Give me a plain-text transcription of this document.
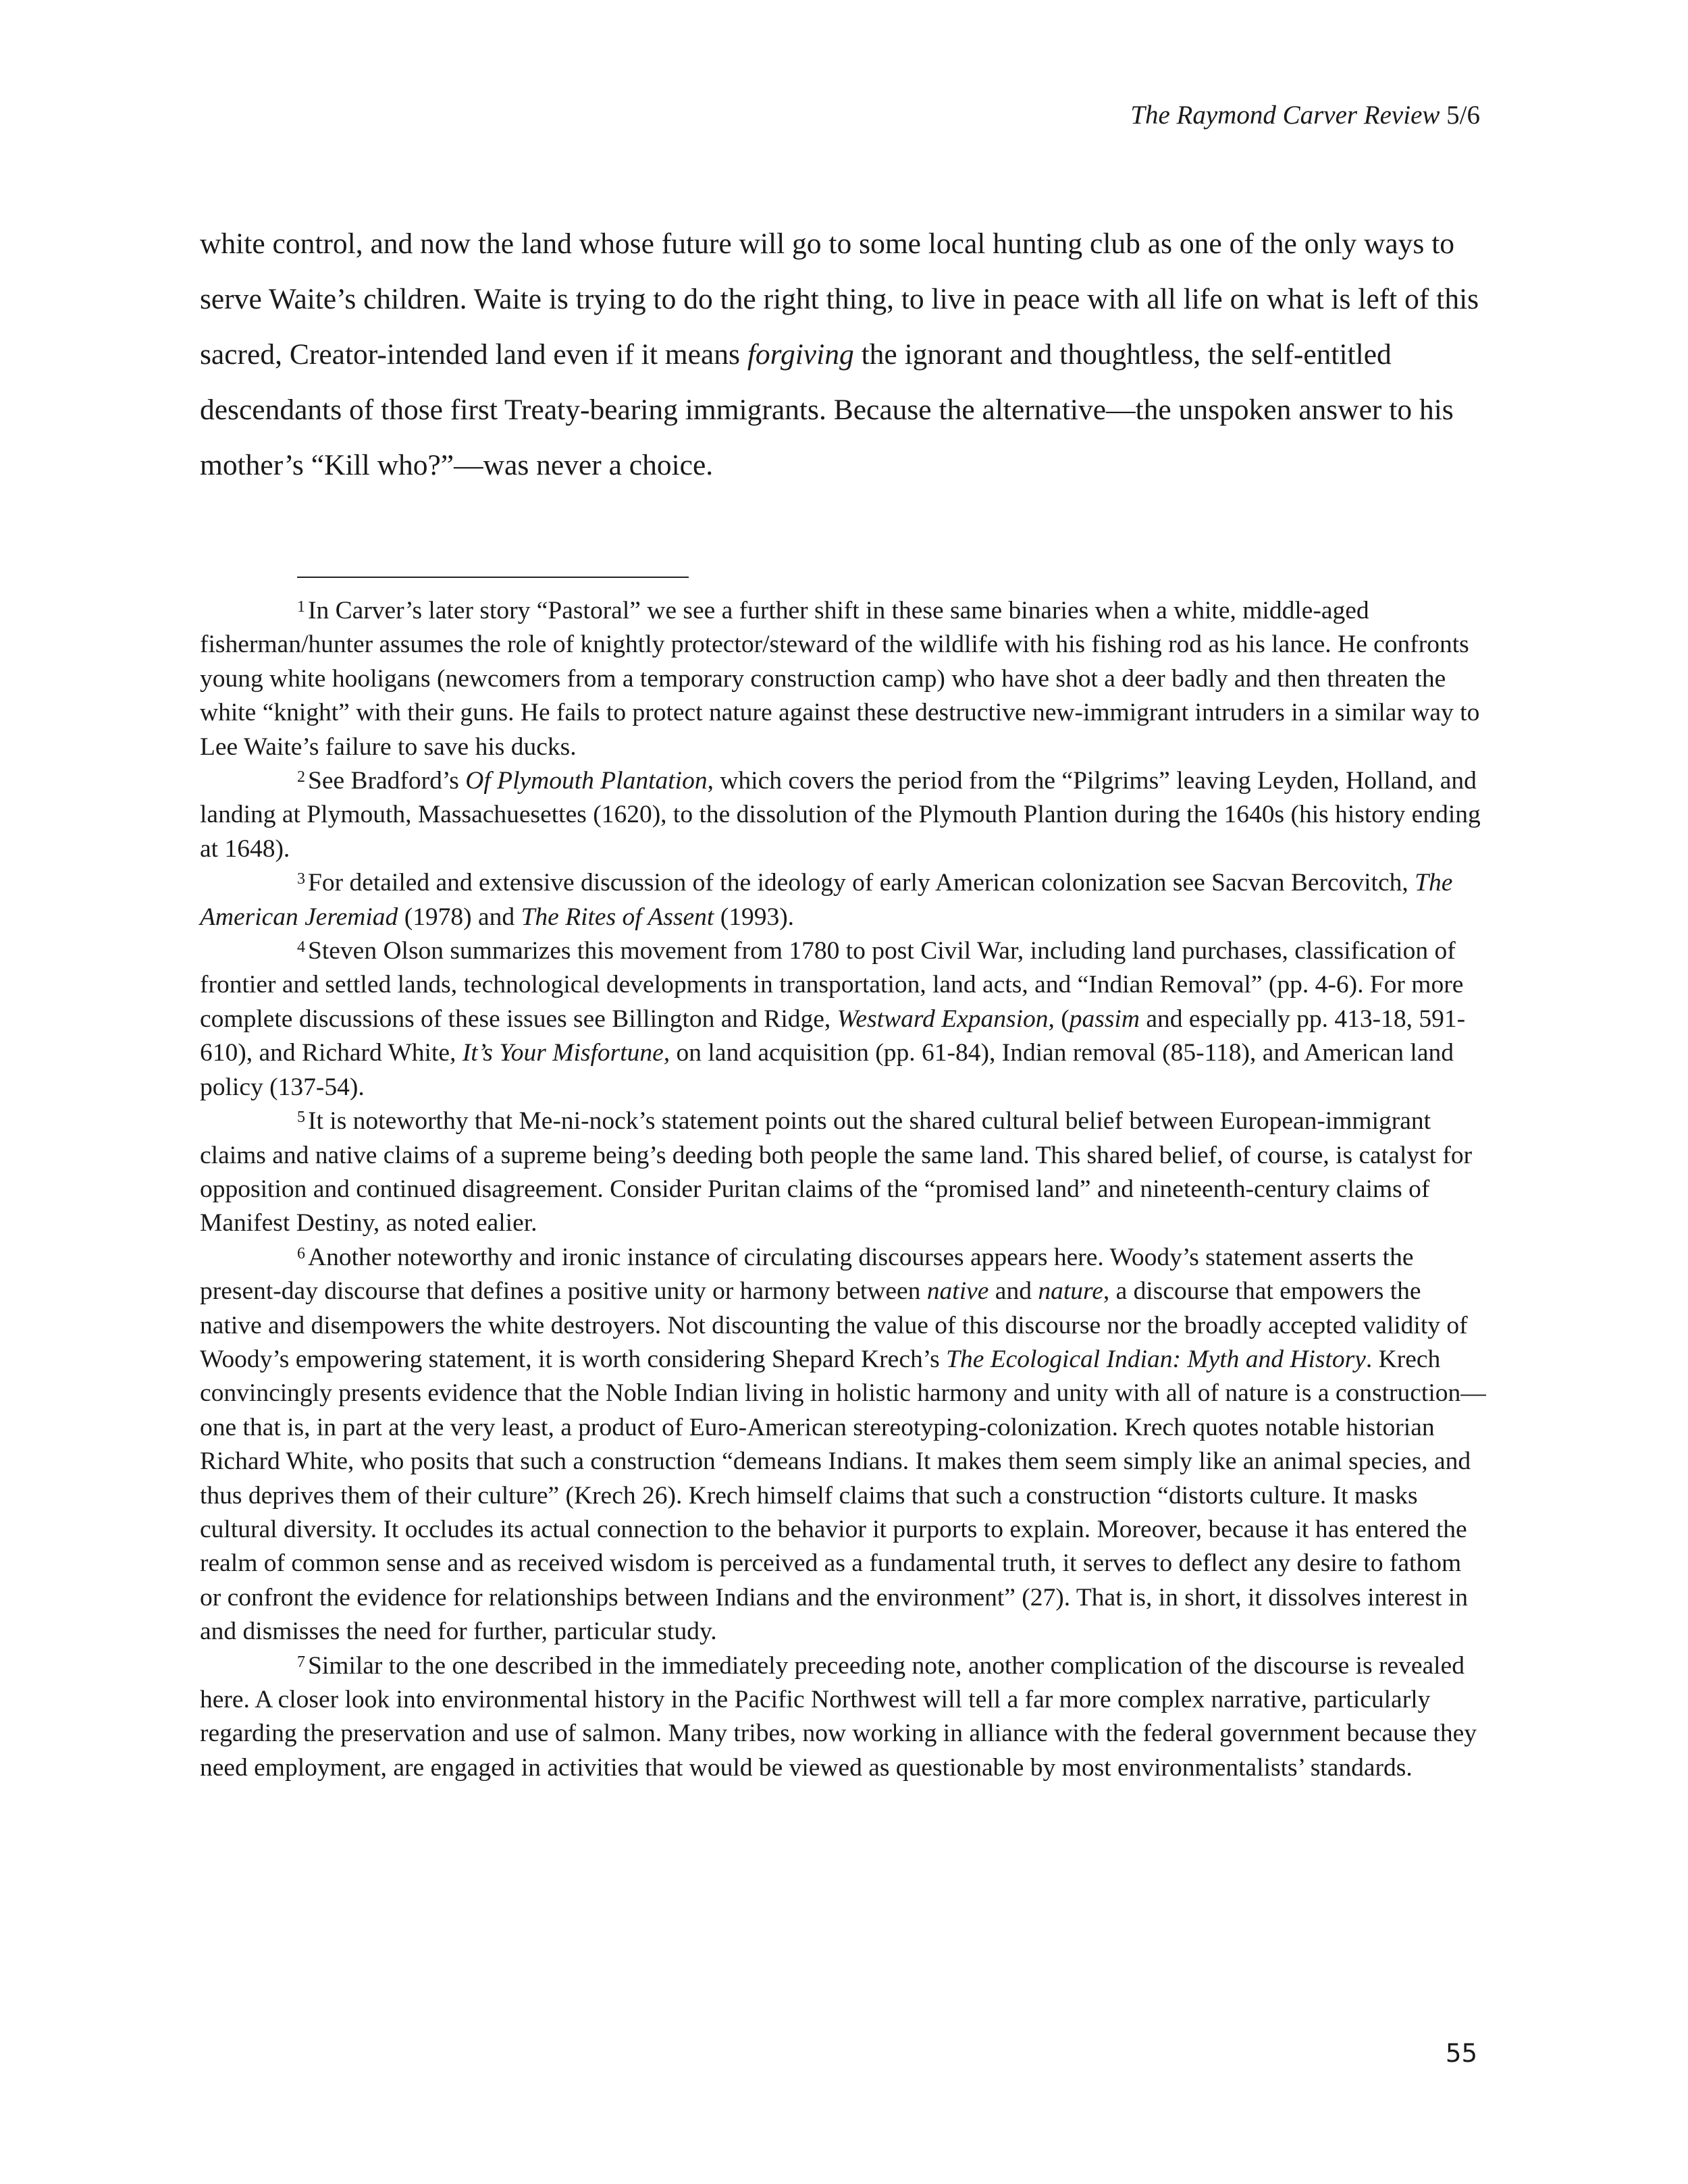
The Raymond Carver Review 5/6

white control, and now the land whose future will go to some local hunting club as one of the only ways to serve Waite’s children. Waite is trying to do the right thing, to live in peace with all life on what is left of this sacred, Creator-intended land even if it means forgiving the ignorant and thoughtless, the self-entitled descendants of those first Treaty-bearing immigrants. Because the alternative—the unspoken answer to his mother’s “Kill who?”—was never a choice.

$^1$ In Carver’s later story “Pastoral” we see a further shift in these same binaries when a white, middle-aged fisherman/hunter assumes the role of knightly protector/steward of the wildlife with his fishing rod as his lance. He confronts young white hooligans (newcomers from a temporary construction camp) who have shot a deer badly and then threaten the white “knight” with their guns. He fails to protect nature against these destructive new-immigrant intruders in a similar way to Lee Waite’s failure to save his ducks.

$^2$ See Bradford’s Of Plymouth Plantation, which covers the period from the “Pilgrims” leaving Leyden, Holland, and landing at Plymouth, Massachuesettes (1620), to the dissolution of the Plymouth Plantion during the 1640s (his history ending at 1648).

$^3$ For detailed and extensive discussion of the ideology of early American colonization see Sacvan Bercovitch, The American Jeremiad (1978) and The Rites of Assent (1993).

$^4$ Steven Olson summarizes this movement from 1780 to post Civil War, including land purchases, classification of frontier and settled lands, technological developments in transportation, land acts, and “Indian Removal” (pp. 4-6). For more complete discussions of these issues see Billington and Ridge, Westward Expansion, (passim and especially pp. 413-18, 591-610), and Richard White, It’s Your Misfortune, on land acquisition (pp. 61-84), Indian removal (85-118), and American land policy (137-54).

$^5$ It is noteworthy that Me-ni-nock’s statement points out the shared cultural belief between European-immigrant claims and native claims of a supreme being’s deeding both people the same land. This shared belief, of course, is catalyst for opposition and continued disagreement. Consider Puritan claims of the “promised land” and nineteenth-century claims of Manifest Destiny, as noted ealier.

$^6$ Another noteworthy and ironic instance of circulating discourses appears here. Woody’s statement asserts the present-day discourse that defines a positive unity or harmony between native and nature, a discourse that empowers the native and disempowers the white destroyers. Not discounting the value of this discourse nor the broadly accepted validity of Woody’s empowering statement, it is worth considering Shepard Krech’s The Ecological Indian: Myth and History. Krech convincingly presents evidence that the Noble Indian living in holistic harmony and unity with all of nature is a construction—one that is, in part at the very least, a product of Euro-American stereotyping-colonization. Krech quotes notable historian Richard White, who posits that such a construction “demeans Indians. It makes them seem simply like an animal species, and thus deprives them of their culture” (Krech 26). Krech himself claims that such a construction “distorts culture. It masks cultural diversity. It occludes its actual connection to the behavior it purports to explain. Moreover, because it has entered the realm of common sense and as received wisdom is perceived as a fundamental truth, it serves to deflect any desire to fathom or confront the evidence for relationships between Indians and the environment” (27). That is, in short, it dissolves interest in and dismisses the need for further, particular study.

$^7$ Similar to the one described in the immediately preceeding note, another complication of the discourse is revealed here. A closer look into environmental history in the Pacific Northwest will tell a far more complex narrative, particularly regarding the preservation and use of salmon. Many tribes, now working in alliance with the federal government because they need employment, are engaged in activities that would be viewed as questionable by most environmentalists’ standards.

55
